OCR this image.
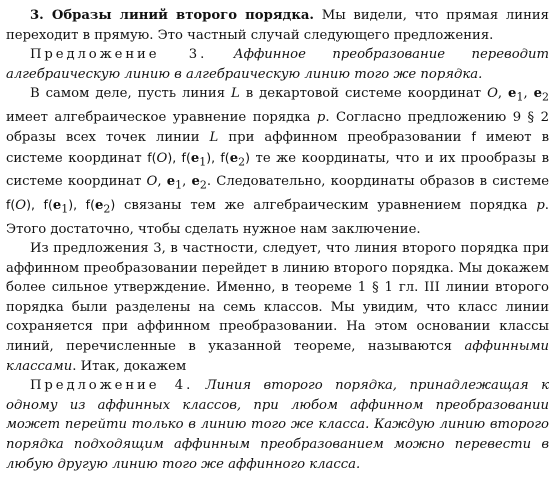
3. Образы линий второго порядка. Мы видели, что прямая линия переходит в прямую. Это частный случай следующего предложения.

Предложение 3. Аффинное преобразование переводит алгебраическую линию в алгебраическую линию того же порядка.

В самом деле, пусть линия L в декартовой системе координат O, $e_1$, $e_2$ имеет алгебраическое уравнение порядка p. Согласно предложению 9 § 2 образы всех точек линии L при аффинном преобразовании f имеют в системе координат f(O), $f(e_1)$, $f(e_2)$ те же координаты, что и их прообразы в системе координат O, $e_1$, $e_2$. Следовательно, координаты образов в системе f(O), $f(e_1)$, $f(e_2)$ связаны тем же алгебраическим уравнением порядка p. Этого достаточно, чтобы сделать нужное нам заключение.

Из предложения 3, в частности, следует, что линия второго порядка при аффинном преобразовании перейдет в линию второго порядка. Мы докажем более сильное утверждение. Именно, в теореме 1 § 1 гл. III линии второго порядка были разделены на семь классов. Мы увидим, что класс линии сохраняется при аффинном преобразовании. На этом основании классы линий, перечисленные в указанной теореме, называются аффинными классами. Итак, докажем

Предложение 4. Линия второго порядка, принадлежащая к одному из аффинных классов, при любом аффинном преобразовании может перейти только в линию того же класса. Каждую линию второго порядка подходящим аффинным преобразованием можно перевести в любую другую линию того же аффинного класса.
